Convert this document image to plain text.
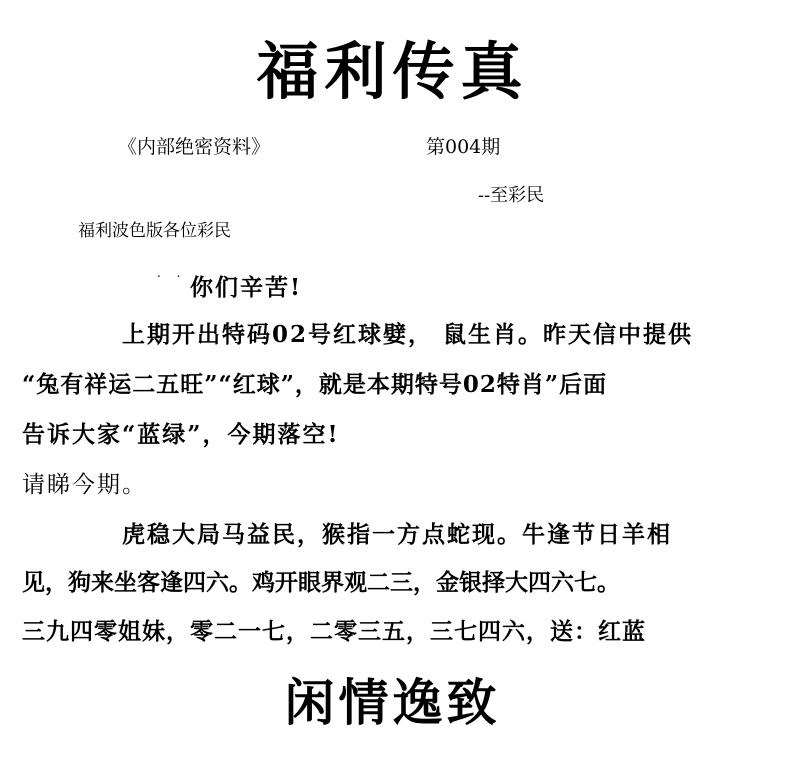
福利传真
《内部绝密资料》	第004期
--至彩民
福利波色版各位彩民
. .
你们辛苦!
上期开出特码02号红球嬖， 鼠生肖。昨天信中提供
“兔有祥运二五旺”“红球”，就是本期特号02特肖”后面
告诉大家“蓝绿”，今期落空!
请睇今期。
虎稳大局马益民，猴指一方点蛇现。牛逢节日羊相
见，狗来坐客逢四六。鸡开眼界观二三，金银择大四六七。
三九四零姐妹，零二一七，二零三五，三七四六，送：红蓝
闲情逸致
